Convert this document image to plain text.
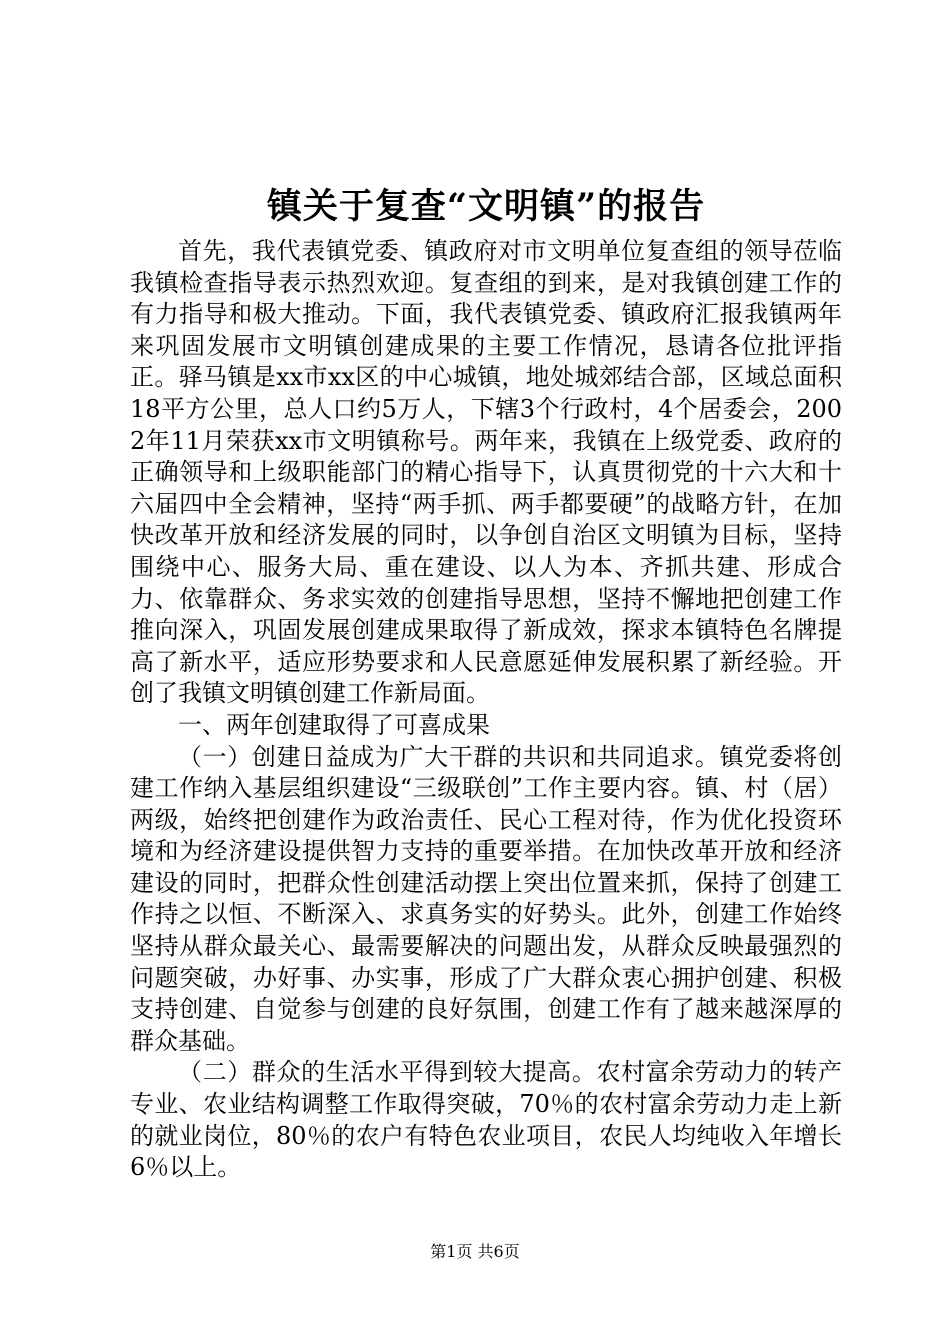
镇关于复查“文明镇”的报告

首先，我代表镇党委、镇政府对市文明单位复查组的领导莅临我镇检查指导表示热烈欢迎。复查组的到来，是对我镇创建工作的有力指导和极大推动。下面，我代表镇党委、镇政府汇报我镇两年来巩固发展市文明镇创建成果的主要工作情况，恳请各位批评指正。驿马镇是xx市xx区的中心城镇，地处城郊结合部，区域总面积18平方公里，总人口约5万人，下辖3个行政村，4个居委会，2002年11月荣获xx市文明镇称号。两年来，我镇在上级党委、政府的正确领导和上级职能部门的精心指导下，认真贯彻党的十六大和十六届四中全会精神，坚持“两手抓、两手都要硬”的战略方针，在加快改革开放和经济发展的同时，以争创自治区文明镇为目标，坚持围绕中心、服务大局、重在建设、以人为本、齐抓共建、形成合力、依靠群众、务求实效的创建指导思想，坚持不懈地把创建工作推向深入，巩固发展创建成果取得了新成效，探求本镇特色名牌提高了新水平，适应形势要求和人民意愿延伸发展积累了新经验。开创了我镇文明镇创建工作新局面。

一、两年创建取得了可喜成果

（一）创建日益成为广大干群的共识和共同追求。镇党委将创建工作纳入基层组织建设“三级联创”工作主要内容。镇、村（居）两级，始终把创建作为政治责任、民心工程对待，作为优化投资环境和为经济建设提供智力支持的重要举措。在加快改革开放和经济建设的同时，把群众性创建活动摆上突出位置来抓，保持了创建工作持之以恒、不断深入、求真务实的好势头。此外，创建工作始终坚持从群众最关心、最需要解决的问题出发，从群众反映最强烈的问题突破，办好事、办实事，形成了广大群众衷心拥护创建、积极支持创建、自觉参与创建的良好氛围，创建工作有了越来越深厚的群众基础。

（二）群众的生活水平得到较大提高。农村富余劳动力的转产专业、农业结构调整工作取得突破，70％的农村富余劳动力走上新的就业岗位，80％的农户有特色农业项目，农民人均纯收入年增长6％以上。

第1页 共6页
